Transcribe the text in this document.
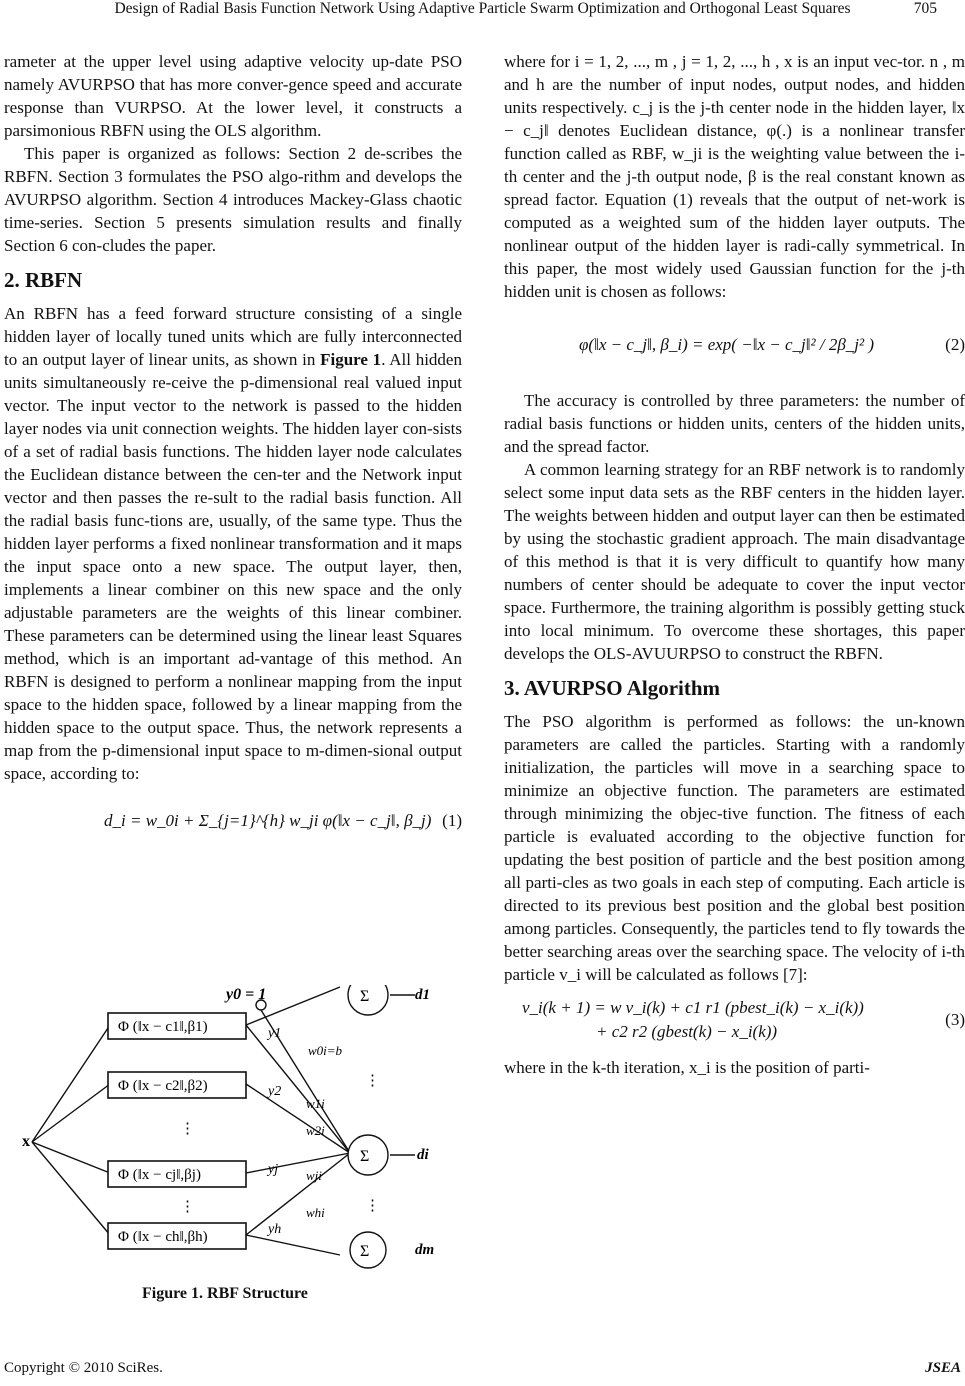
Design of Radial Basis Function Network Using Adaptive Particle Swarm Optimization and Orthogonal Least Squares	705

rameter at the upper level using adaptive velocity up-date PSO namely AVURPSO that has more conver-gence speed and accurate response than VURPSO. At the lower level, it constructs a parsimonious RBFN using the OLS algorithm.

This paper is organized as follows: Section 2 de-scribes the RBFN. Section 3 formulates the PSO algo-rithm and develops the AVURPSO algorithm. Section 4 introduces Mackey-Glass chaotic time-series. Section 5 presents simulation results and finally Section 6 con-cludes the paper.

2. RBFN

An RBFN has a feed forward structure consisting of a single hidden layer of locally tuned units which are fully interconnected to an output layer of linear units, as shown in Figure 1. All hidden units simultaneously re-ceive the p-dimensional real valued input vector. The input vector to the network is passed to the hidden layer nodes via unit connection weights. The hidden layer con-sists of a set of radial basis functions. The hidden layer node calculates the Euclidean distance between the cen-ter and the Network input vector and then passes the re-sult to the radial basis function. All the radial basis func-tions are, usually, of the same type. Thus the hidden layer performs a fixed nonlinear transformation and it maps the input space onto a new space. The output layer, then, implements a linear combiner on this new space and the only adjustable parameters are the weights of this linear combiner. These parameters can be determined using the linear least Squares method, which is an important ad-vantage of this method. An RBFN is designed to perform a nonlinear mapping from the input space to the hidden space, followed by a linear mapping from the hidden space to the output space. Thus, the network represents a map from the p-dimensional input space to m-dimen-sional output space, according to:

d_i = w_0i + Σ_{j=1}^{h} w_ji φ(‖x − c_j‖, β_j) (1)
Φ (‖x − c1‖,β1)
Φ (‖x − c2‖,β2)
Φ (‖x − cj‖,βj)
Φ (‖x − ch‖,βh)
y0 = 1
x
y1
y2
yj
yh
w0i=b
w1i
w2i
wji
whi
Σ
Σ
Σ
d1
di
dm
⋮
⋮
⋮
⋮
Figure 1. RBF Structure

where for i = 1, 2, ..., m , j = 1, 2, ..., h , x is an input vec-tor. n , m and h are the number of input nodes, output nodes, and hidden units respectively. c_j is the j-th center node in the hidden layer, ‖x − c_j‖ denotes Euclidean distance, φ(.) is a nonlinear transfer function called as RBF, w_ji is the weighting value between the i-th center and the j-th output node, β is the real constant known as spread factor. Equation (1) reveals that the output of net-work is computed as a weighted sum of the hidden layer outputs. The nonlinear output of the hidden layer is radi-cally symmetrical. In this paper, the most widely used Gaussian function for the j-th hidden unit is chosen as follows:

φ(‖x − c_j‖, β_i) = exp( −‖x − c_j‖² / 2β_j² )	(2)

The accuracy is controlled by three parameters: the number of radial basis functions or hidden units, centers of the hidden units, and the spread factor.

A common learning strategy for an RBF network is to randomly select some input data sets as the RBF centers in the hidden layer. The weights between hidden and output layer can then be estimated by using the stochastic gradient approach. The main disadvantage of this method is that it is very difficult to quantify how many numbers of center should be adequate to cover the input vector space. Furthermore, the training algorithm is possibly getting stuck into local minimum. To overcome these shortages, this paper develops the OLS-AVUURPSO to construct the RBFN.

3. AVURPSO Algorithm

The PSO algorithm is performed as follows: the un-known parameters are called the particles. Starting with a randomly initialization, the particles will move in a searching space to minimize an objective function. The parameters are estimated through minimizing the objec-tive function. The fitness of each particle is evaluated according to the objective function for updating the best position of particle and the best position among all parti-cles as two goals in each step of computing. Each article is directed to its previous best position and the global best position among particles. Consequently, the particles tend to fly towards the better searching areas over the searching space. The velocity of i-th particle v_i will be calculated as follows [7]:

v_i(k + 1) = w v_i(k) + c1 r1 (pbest_i(k) − x_i(k))
+ c2 r2 (gbest(k) − x_i(k))
(3)

where in the k-th iteration, x_i is the position of parti-

Copyright © 2010 SciRes.	JSEA
